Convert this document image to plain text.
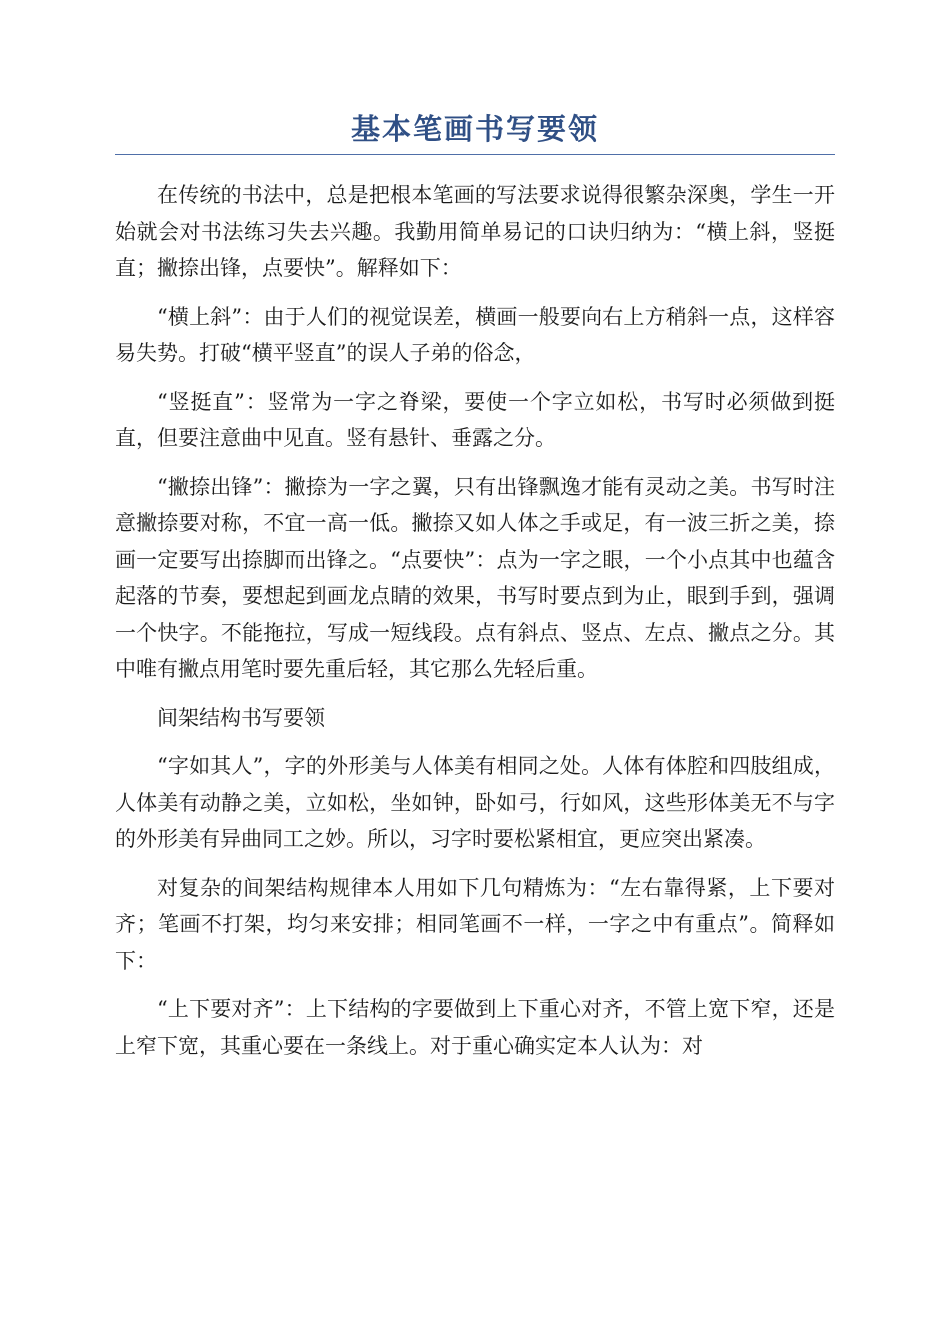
基本笔画书写要领

在传统的书法中，总是把根本笔画的写法要求说得很繁杂深奥，学生一开始就会对书法练习失去兴趣。我勤用简单易记的口诀归纳为：“横上斜，竖挺直；撇捺出锋，点要快”。解释如下：

“横上斜”：由于人们的视觉误差，横画一般要向右上方稍斜一点，这样容易失势。打破“横平竖直”的误人子弟的俗念，

“竖挺直”：竖常为一字之脊梁，要使一个字立如松，书写时必须做到挺直，但要注意曲中见直。竖有悬针、垂露之分。

“撇捺出锋”：撇捺为一字之翼，只有出锋飘逸才能有灵动之美。书写时注意撇捺要对称，不宜一高一低。撇捺又如人体之手或足，有一波三折之美，捺画一定要写出捺脚而出锋之。“点要快”：点为一字之眼，一个小点其中也蕴含起落的节奏，要想起到画龙点睛的效果，书写时要点到为止，眼到手到，强调一个快字。不能拖拉，写成一短线段。点有斜点、竖点、左点、撇点之分。其中唯有撇点用笔时要先重后轻，其它那么先轻后重。

间架结构书写要领

“字如其人”，字的外形美与人体美有相同之处。人体有体腔和四肢组成，人体美有动静之美，立如松，坐如钟，卧如弓，行如风，这些形体美无不与字的外形美有异曲同工之妙。所以，习字时要松紧相宜，更应突出紧凑。

对复杂的间架结构规律本人用如下几句精炼为：“左右靠得紧，上下要对齐；笔画不打架，均匀来安排；相同笔画不一样，一字之中有重点”。简释如下：

“上下要对齐”：上下结构的字要做到上下重心对齐，不管上宽下窄，还是上窄下宽，其重心要在一条线上。对于重心确实定本人认为：对
